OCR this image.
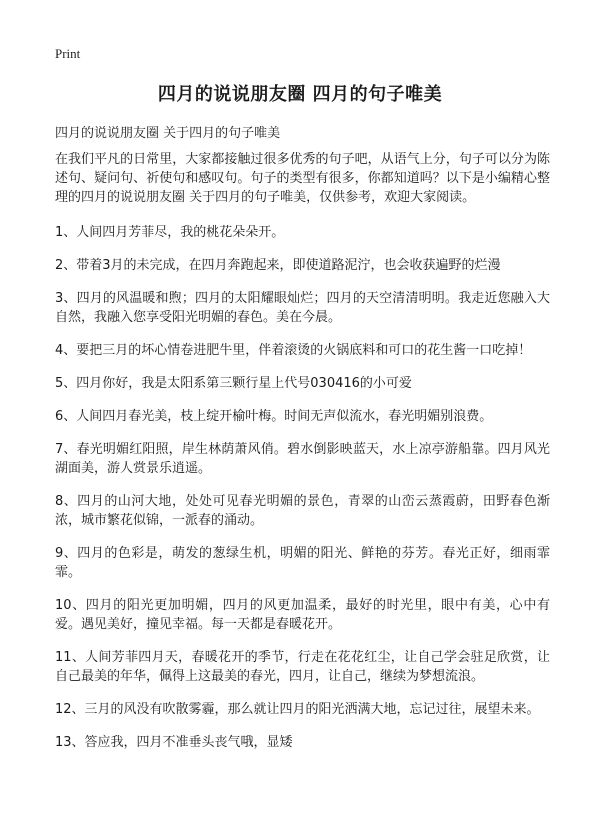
Print
四月的说说朋友圈 四月的句子唯美

四月的说说朋友圈 关于四月的句子唯美

在我们平凡的日常里，大家都接触过很多优秀的句子吧，从语气上分，句子可以分为陈述句、疑问句、祈使句和感叹句。句子的类型有很多，你都知道吗？以下是小编精心整理的四月的说说朋友圈 关于四月的句子唯美，仅供参考，欢迎大家阅读。

1、人间四月芳菲尽，我的桃花朵朵开。

2、带着3月的未完成，在四月奔跑起来，即使道路泥泞，也会收获遍野的烂漫

3、四月的风温暖和煦；四月的太阳耀眼灿烂；四月的天空清清明明。我走近您融入大自然，我融入您享受阳光明媚的春色。美在今晨。

4、要把三月的坏心情卷进肥牛里，伴着滚烫的火锅底料和可口的花生酱一口吃掉！

5、四月你好，我是太阳系第三颗行星上代号030416的小可爱

6、人间四月春光美，枝上绽开榆叶梅。时间无声似流水，春光明媚别浪费。

7、春光明媚红阳照，岸生林荫萧风俏。碧水倒影映蓝天，水上凉亭游船靠。四月风光湖面美，游人赏景乐逍遥。

8、四月的山河大地，处处可见春光明媚的景色，青翠的山峦云蒸霞蔚，田野春色渐浓，城市繁花似锦，一派春的涌动。

9、四月的色彩是，萌发的葱绿生机，明媚的阳光、鲜艳的芬芳。春光正好，细雨霏霏。

10、四月的阳光更加明媚，四月的风更加温柔，最好的时光里，眼中有美，心中有爱。遇见美好，撞见幸福。每一天都是春暖花开。

11、人间芳菲四月天，春暖花开的季节，行走在花花红尘，让自己学会驻足欣赏，让自己最美的年华，佩得上这最美的春光，四月，让自己，继续为梦想流浪。

12、三月的风没有吹散雾霾，那么就让四月的阳光洒满大地，忘记过往，展望未来。

13、答应我，四月不准垂头丧气哦，显矮
